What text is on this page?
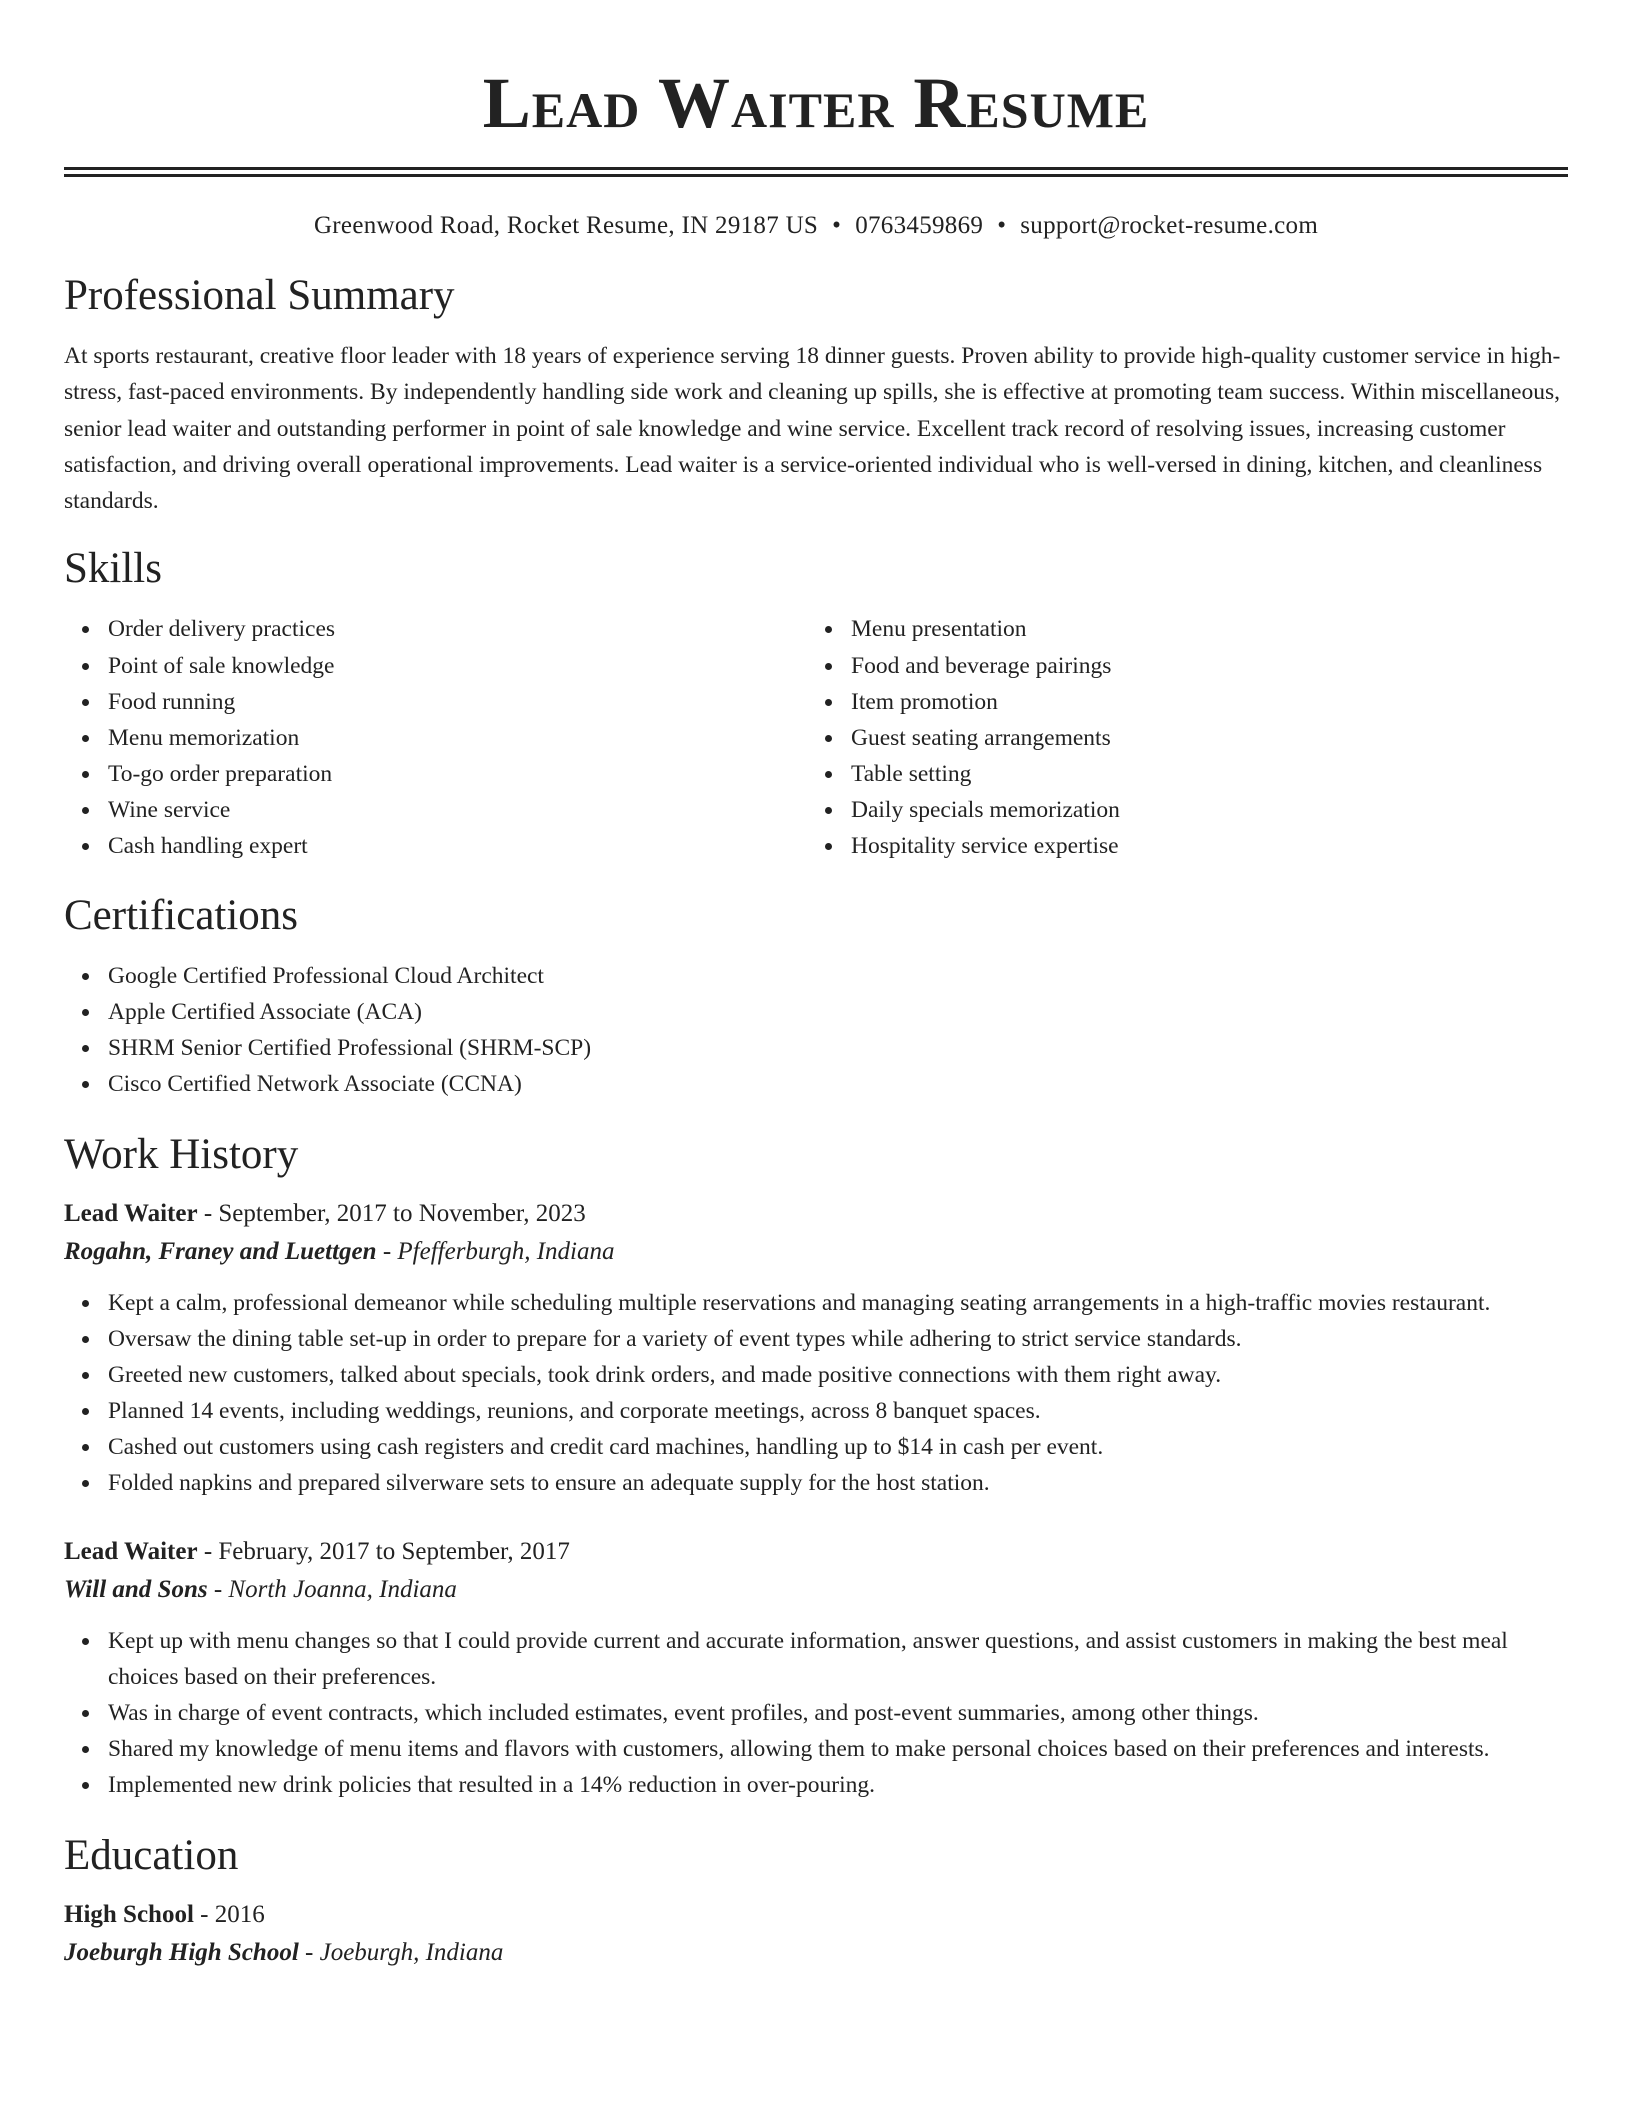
Lead Waiter Resume
Greenwood Road, Rocket Resume, IN 29187 US • 0763459869 • support@rocket-resume.com
Professional Summary

At sports restaurant, creative floor leader with 18 years of experience serving 18 dinner guests. Proven ability to provide high-quality customer service in high-stress, fast-paced environments. By independently handling side work and cleaning up spills, she is effective at promoting team success. Within miscellaneous, senior lead waiter and outstanding performer in point of sale knowledge and wine service. Excellent track record of resolving issues, increasing customer satisfaction, and driving overall operational improvements. Lead waiter is a service-oriented individual who is well-versed in dining, kitchen, and cleanliness standards.

Skills
Order delivery practices
Point of sale knowledge
Food running
Menu memorization
To-go order preparation
Wine service
Cash handling expert
Menu presentation
Food and beverage pairings
Item promotion
Guest seating arrangements
Table setting
Daily specials memorization
Hospitality service expertise
Certifications
Google Certified Professional Cloud Architect
Apple Certified Associate (ACA)
SHRM Senior Certified Professional (SHRM-SCP)
Cisco Certified Network Associate (CCNA)
Work History
Lead Waiter - September, 2017 to November, 2023
Rogahn, Franey and Luettgen - Pfefferburgh, Indiana
Kept a calm, professional demeanor while scheduling multiple reservations and managing seating arrangements in a high-traffic movies restaurant.
Oversaw the dining table set-up in order to prepare for a variety of event types while adhering to strict service standards.
Greeted new customers, talked about specials, took drink orders, and made positive connections with them right away.
Planned 14 events, including weddings, reunions, and corporate meetings, across 8 banquet spaces.
Cashed out customers using cash registers and credit card machines, handling up to $14 in cash per event.
Folded napkins and prepared silverware sets to ensure an adequate supply for the host station.
Lead Waiter - February, 2017 to September, 2017
Will and Sons - North Joanna, Indiana
Kept up with menu changes so that I could provide current and accurate information, answer questions, and assist customers in making the best meal choices based on their preferences.
Was in charge of event contracts, which included estimates, event profiles, and post-event summaries, among other things.
Shared my knowledge of menu items and flavors with customers, allowing them to make personal choices based on their preferences and interests.
Implemented new drink policies that resulted in a 14% reduction in over-pouring.
Education
High School - 2016
Joeburgh High School - Joeburgh, Indiana
